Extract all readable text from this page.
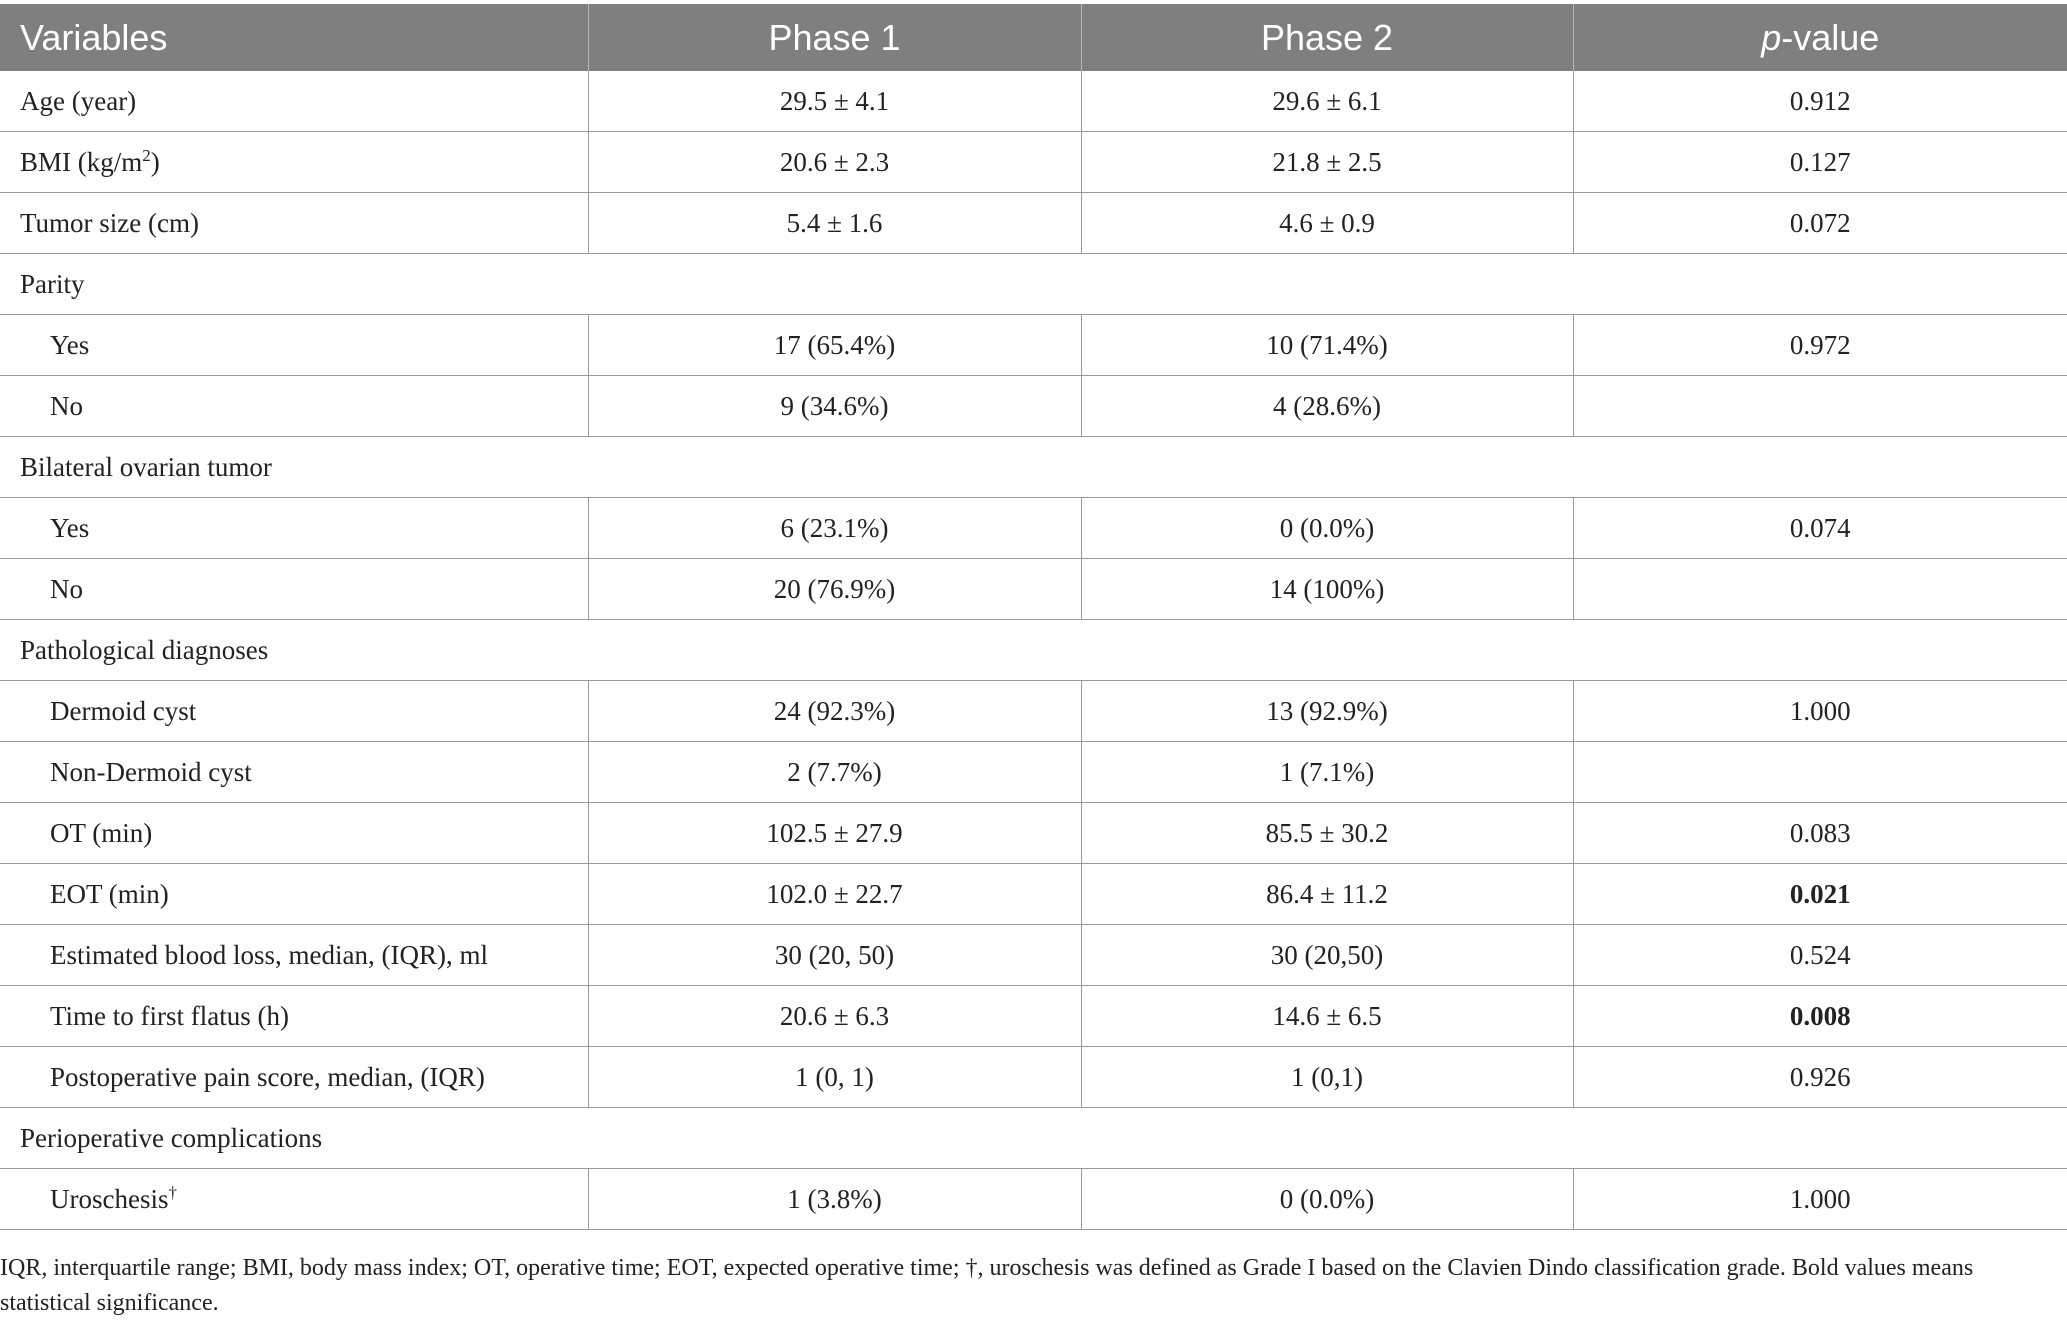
Variables	Phase 1	Phase 2	p-value
Age (year)	29.5 ± 4.1	29.6 ± 6.1	0.912
BMI $(kg/m^2)$	20.6 ± 2.3	21.8 ± 2.5	0.127
Tumor size (cm)	5.4 ± 1.6	4.6 ± 0.9	0.072
Parity			
Yes	17 (65.4%)	10 (71.4%)	0.972
No	9 (34.6%)	4 (28.6%)	
Bilateral ovarian tumor			
Yes	6 (23.1%)	0 (0.0%)	0.074
No	20 (76.9%)	14 (100%)	
Pathological diagnoses			
Dermoid cyst	24 (92.3%)	13 (92.9%)	1.000
Non-Dermoid cyst	2 (7.7%)	1 (7.1%)	
OT (min)	102.5 ± 27.9	85.5 ± 30.2	0.083
EOT (min)	102.0 ± 22.7	86.4 ± 11.2	0.021
Estimated blood loss, median, (IQR), ml	30 (20, 50)	30 (20,50)	0.524
Time to first flatus (h)	20.6 ± 6.3	14.6 ± 6.5	0.008
Postoperative pain score, median, (IQR)	1 (0, 1)	1 (0,1)	0.926
Perioperative complications			
Uroschesis†	1 (3.8%)	0 (0.0%)	1.000
IQR, interquartile range; BMI, body mass index; OT, operative time; EOT, expected operative time; †, uroschesis was defined as Grade I based on the Clavien Dindo classification grade. Bold values means statistical significance.
